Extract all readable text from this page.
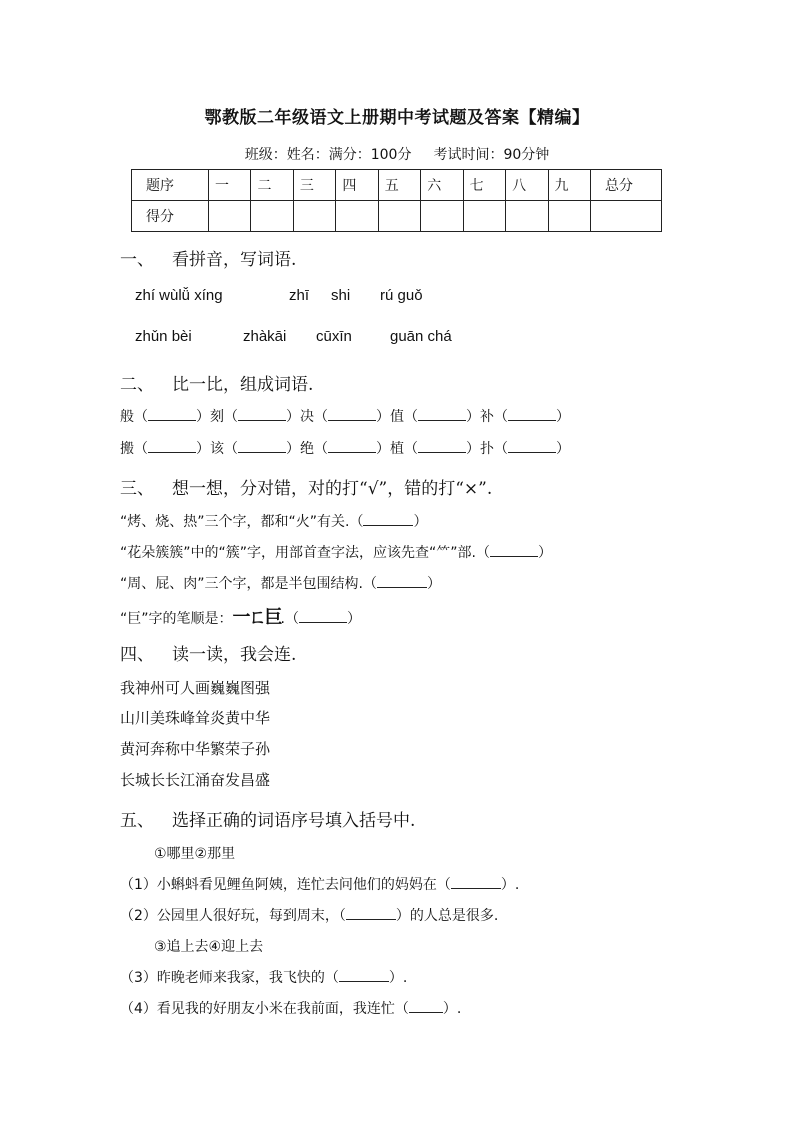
鄂教版二年级语文上册期中考试题及答案【精编】
班级：姓名：满分：100分 考试时间：90分钟
题序	一	二	三	四	五	六	七	八	九	总分
得分										
一、 看拼音，写词语.
zhí wùlǚ xíng	zhī shi rú guǒ
zhǔn bèi	zhàkāi cūxīn	guān chá
二、 比一比，组成词语.
般（	）刻（	）决（	）值（	）补（	）
搬（	）该（	）绝（	）植（	）扑（	）
三、 想一想，分对错，对的打“√”，错的打“×”.
“烤、烧、热”三个字，都和“火”有关.（	）
“花朵簇簇”中的“簇”字，用部首查字法，应该先查“⺮”部.（	）
“周、屁、肉”三个字，都是半包围结构.（	）
“巨”字的笔顺是：一ㄈ巨.（	）
四、 读一读，我会连.
我神州可人画巍巍图强
山川美珠峰耸炎黄中华
黄河奔称中华繁荣子孙
长城长长江涌奋发昌盛
五、 选择正确的词语序号填入括号中.
①哪里②那里
（1）小蝌蚪看见鲤鱼阿姨，连忙去问他们的妈妈在（	）.
（2）公园里人很好玩，每到周末，（	）的人总是很多.
③追上去④迎上去
（3）昨晚老师来我家，我飞快的（	）.
（4）看见我的好朋友小米在我前面，我连忙（ ）.
